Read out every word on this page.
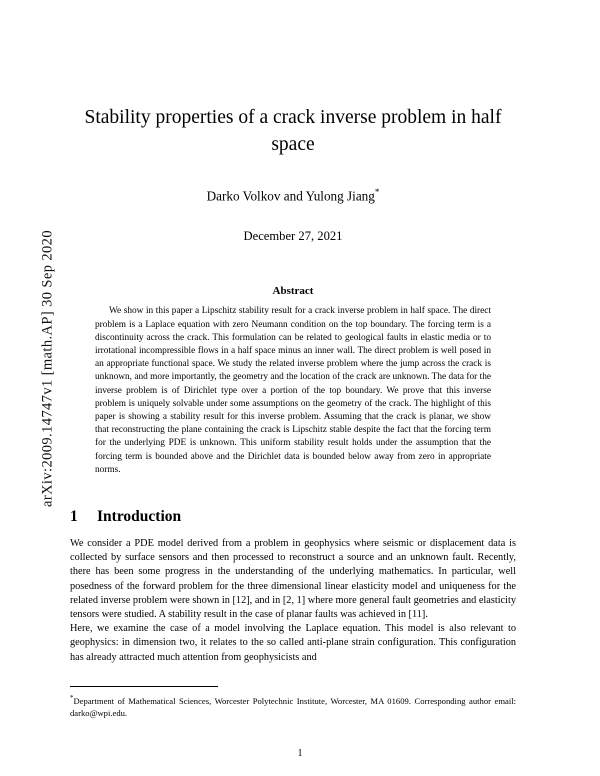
arXiv:2009.14747v1 [math.AP] 30 Sep 2020
Stability properties of a crack inverse problem in half space
Darko Volkov and Yulong Jiang*
December 27, 2021
Abstract
We show in this paper a Lipschitz stability result for a crack inverse problem in half space. The direct problem is a Laplace equation with zero Neumann condition on the top boundary. The forcing term is a discontinuity across the crack. This formulation can be related to geological faults in elastic media or to irrotational incompressible flows in a half space minus an inner wall. The direct problem is well posed in an appropriate functional space. We study the related inverse problem where the jump across the crack is unknown, and more importantly, the geometry and the location of the crack are unknown. The data for the inverse problem is of Dirichlet type over a portion of the top boundary. We prove that this inverse problem is uniquely solvable under some assumptions on the geometry of the crack. The highlight of this paper is showing a stability result for this inverse problem. Assuming that the crack is planar, we show that reconstructing the plane containing the crack is Lipschitz stable despite the fact that the forcing term for the underlying PDE is unknown. This uniform stability result holds under the assumption that the forcing term is bounded above and the Dirichlet data is bounded below away from zero in appropriate norms.
1 Introduction

We consider a PDE model derived from a problem in geophysics where seismic or displacement data is collected by surface sensors and then processed to reconstruct a source and an unknown fault. Recently, there has been some progress in the understanding of the underlying mathematics. In particular, well posedness of the forward problem for the three dimensional linear elasticity model and uniqueness for the related inverse problem were shown in [12], and in [2, 1] where more general fault geometries and elasticity tensors were studied. A stability result in the case of planar faults was achieved in [11].

Here, we examine the case of a model involving the Laplace equation. This model is also relevant to geophysics: in dimension two, it relates to the so called anti-plane strain configuration. This configuration has already attracted much attention from geophysicists and

*Department of Mathematical Sciences, Worcester Polytechnic Institute, Worcester, MA 01609. Corresponding author email: darko@wpi.edu.
1
